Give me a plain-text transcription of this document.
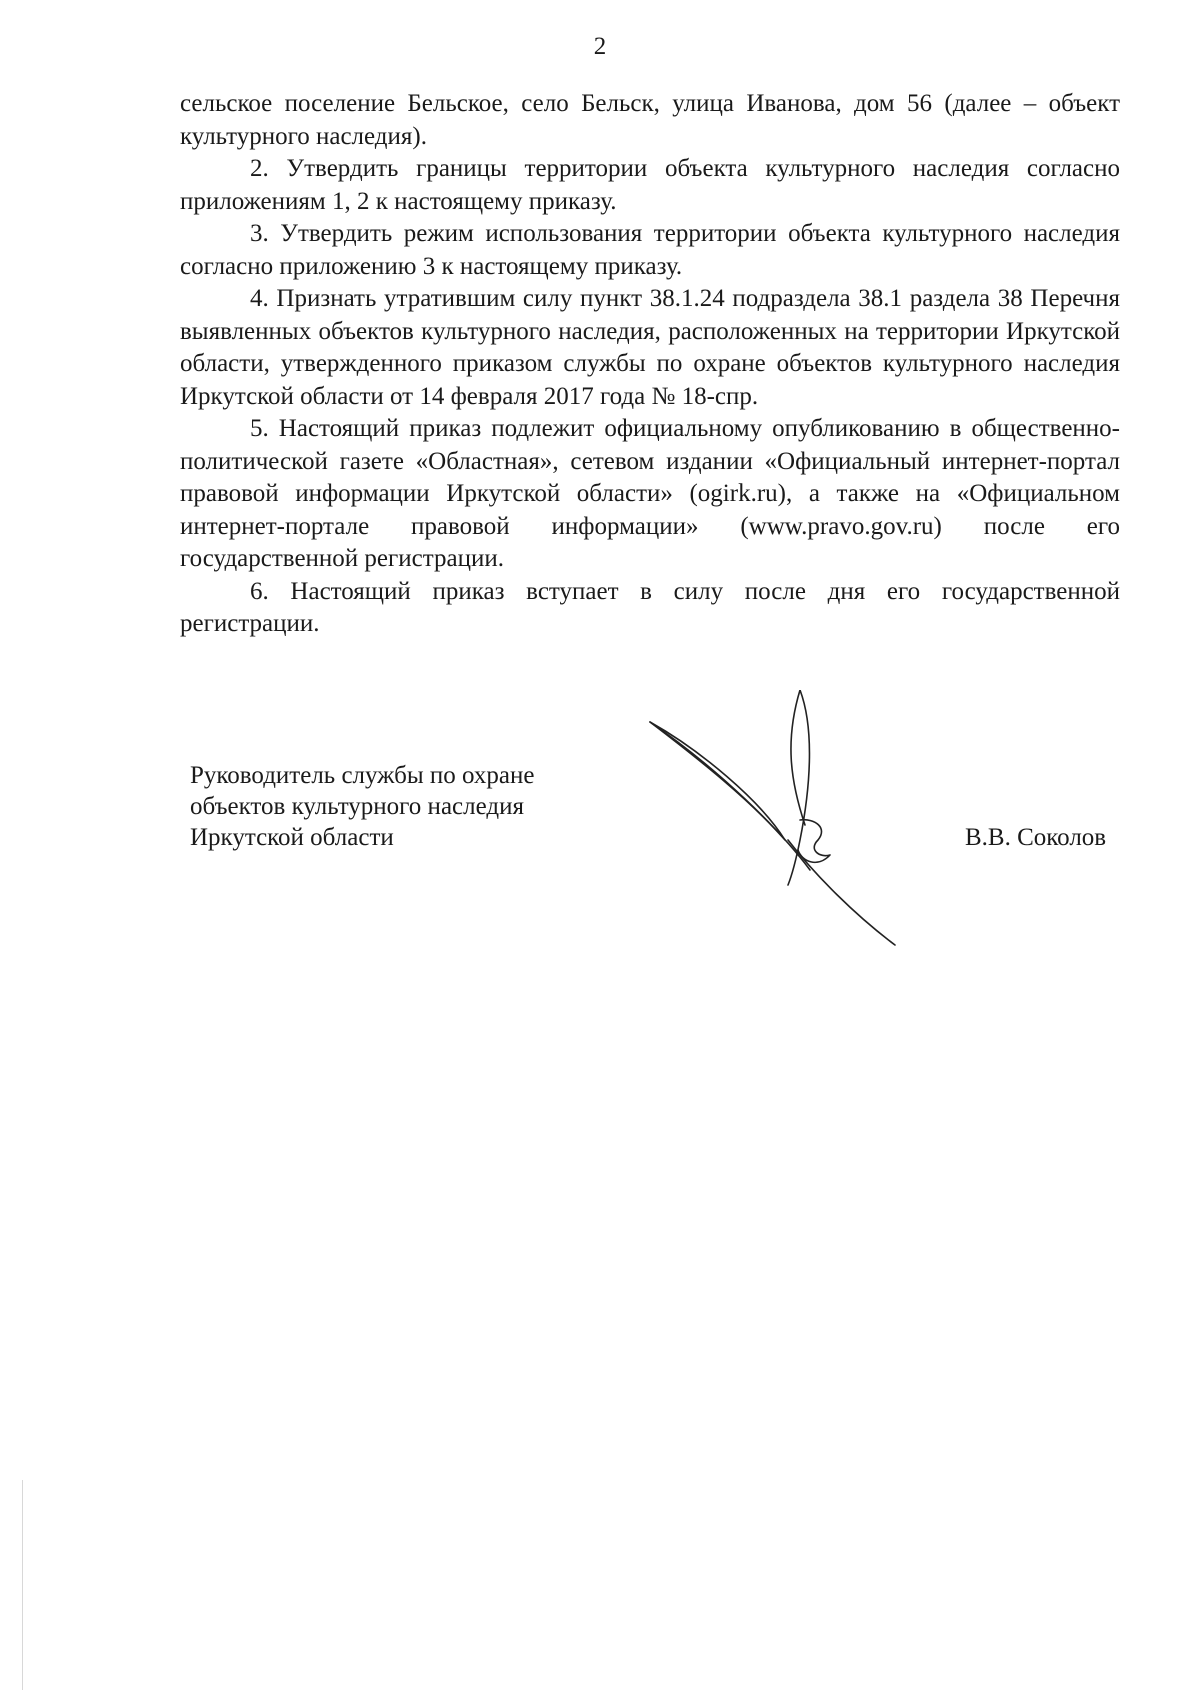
2

сельское поселение Бельское, село Бельск, улица Иванова, дом 56 (далее – объект культурного наследия).

2. Утвердить границы территории объекта культурного наследия согласно приложениям 1, 2 к настоящему приказу.

3. Утвердить режим использования территории объекта культурного наследия согласно приложению 3 к настоящему приказу.

4. Признать утратившим силу пункт 38.1.24 подраздела 38.1 раздела 38 Перечня выявленных объектов культурного наследия, расположенных на территории Иркутской области, утвержденного приказом службы по охране объектов культурного наследия Иркутской области от 14 февраля 2017 года № 18-спр.

5. Настоящий приказ подлежит официальному опубликованию в общественно-политической газете «Областная», сетевом издании «Официальный интернет-портал правовой информации Иркутской области» (ogirk.ru), а также на «Официальном интернет-портале правовой информации» (www.pravo.gov.ru) после его государственной регистрации.

6. Настоящий приказ вступает в силу после дня его государственной регистрации.

Руководитель службы по охране
объектов культурного наследия
Иркутской области	В.В. Соколов
